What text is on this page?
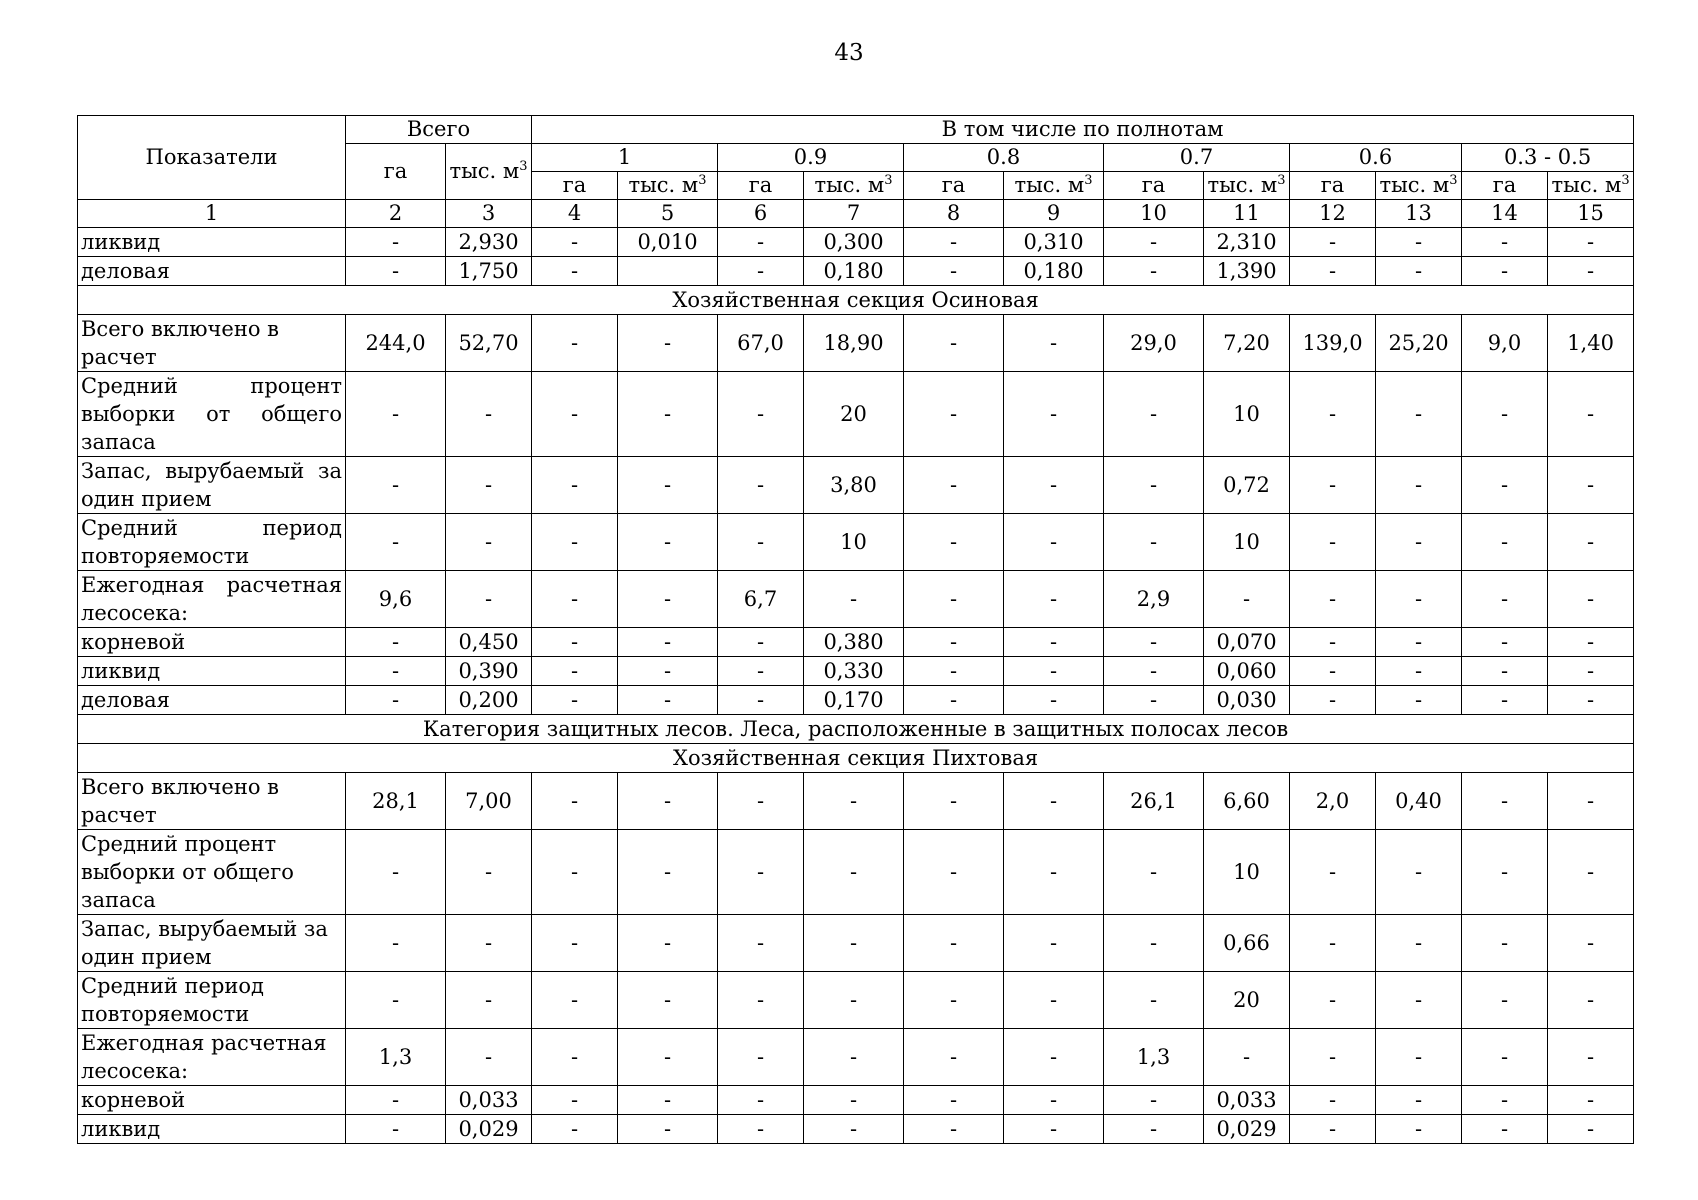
43
Показатели	Всего		В том числе по полнотам											
	га	тыс. $м^3$	1		0.9		0.8		0.7		0.6		0.3 - 0.5	
			га	тыс. $м^3$	га	тыс. $м^3$	га	тыс. $м^3$	га	тыс. $м^3$	га	тыс. $м^3$	га	тыс. $м^3$
1	2	3	4	5	6	7	8	9	10	11	12	13	14	15
ликвид	-	2,930	-	0,010	-	0,300	-	0,310	-	2,310	-	-	-	-
деловая	-	1,750	-		-	0,180	-	0,180	-	1,390	-	-	-	-
Хозяйственная секция Осиновая														
Всего включено в расчет	244,0	52,70	-	-	67,0	18,90	-	-	29,0	7,20	139,0	25,20	9,0	1,40
Средний процент выборки от общего запаса	-	-	-	-	-	20	-	-	-	10	-	-	-	-
Запас, вырубаемый за один прием	-	-	-	-	-	3,80	-	-	-	0,72	-	-	-	-
Средний период повторяемости	-	-	-	-	-	10	-	-	-	10	-	-	-	-
Ежегодная расчетная лесосека:	9,6	-	-	-	6,7	-	-	-	2,9	-	-	-	-	-
корневой	-	0,450	-	-	-	0,380	-	-	-	0,070	-	-	-	-
ликвид	-	0,390	-	-	-	0,330	-	-	-	0,060	-	-	-	-
деловая	-	0,200	-	-	-	0,170	-	-	-	0,030	-	-	-	-
Категория защитных лесов. Леса, расположенные в защитных полосах лесов														
Хозяйственная секция Пихтовая														
Всего включено в расчет	28,1	7,00	-	-	-	-	-	-	26,1	6,60	2,0	0,40	-	-
Средний процент выборки от общего запаса	-	-	-	-	-	-	-	-	-	10	-	-	-	-
Запас, вырубаемый за один прием	-	-	-	-	-	-	-	-	-	0,66	-	-	-	-
Средний период повторяемости	-	-	-	-	-	-	-	-	-	20	-	-	-	-
Ежегодная расчетная лесосека:	1,3	-	-	-	-	-	-	-	1,3	-	-	-	-	-
корневой	-	0,033	-	-	-	-	-	-	-	0,033	-	-	-	-
ликвид	-	0,029	-	-	-	-	-	-	-	0,029	-	-	-	-
